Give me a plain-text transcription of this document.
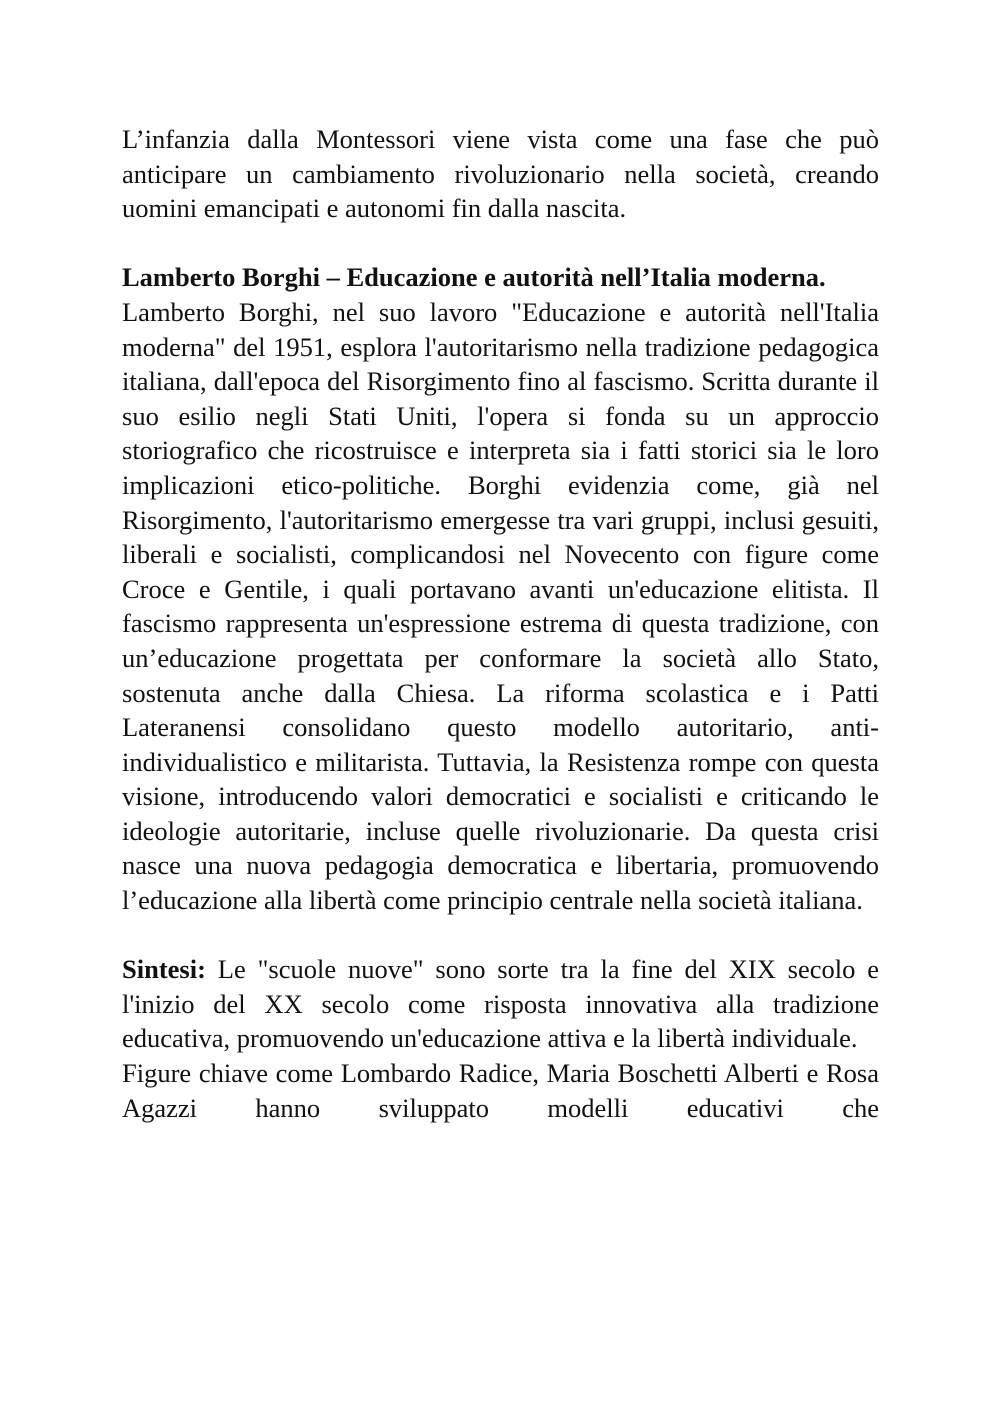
L’infanzia dalla Montessori viene vista come una fase che può anticipare un cambiamento rivoluzionario nella società, creando uomini emancipati e autonomi fin dalla nascita.

Lamberto Borghi – Educazione e autorità nell’Italia moderna.

Lamberto Borghi, nel suo lavoro "Educazione e autorità nell'Italia moderna" del 1951, esplora l'autoritarismo nella tradizione pedagogica italiana, dall'epoca del Risorgimento fino al fascismo. Scritta durante il suo esilio negli Stati Uniti, l'opera si fonda su un approccio storiografico che ricostruisce e interpreta sia i fatti storici sia le loro implicazioni etico-politiche. Borghi evidenzia come, già nel Risorgimento, l'autoritarismo emergesse tra vari gruppi, inclusi gesuiti, liberali e socialisti, complicandosi nel Novecento con figure come Croce e Gentile, i quali portavano avanti un'educazione elitista. Il fascismo rappresenta un'espressione estrema di questa tradizione, con un’educazione progettata per conformare la società allo Stato, sostenuta anche dalla Chiesa. La riforma scolastica e i Patti Lateranensi consolidano questo modello autoritario, anti-individualistico e militarista. Tuttavia, la Resistenza rompe con questa visione, introducendo valori democratici e socialisti e criticando le ideologie autoritarie, incluse quelle rivoluzionarie. Da questa crisi nasce una nuova pedagogia democratica e libertaria, promuovendo l’educazione alla libertà come principio centrale nella società italiana.

Sintesi: Le "scuole nuove" sono sorte tra la fine del XIX secolo e l'inizio del XX secolo come risposta innovativa alla tradizione educativa, promuovendo un'educazione attiva e la libertà individuale.

Figure chiave come Lombardo Radice, Maria Boschetti Alberti e Rosa Agazzi hanno sviluppato modelli educativi che
